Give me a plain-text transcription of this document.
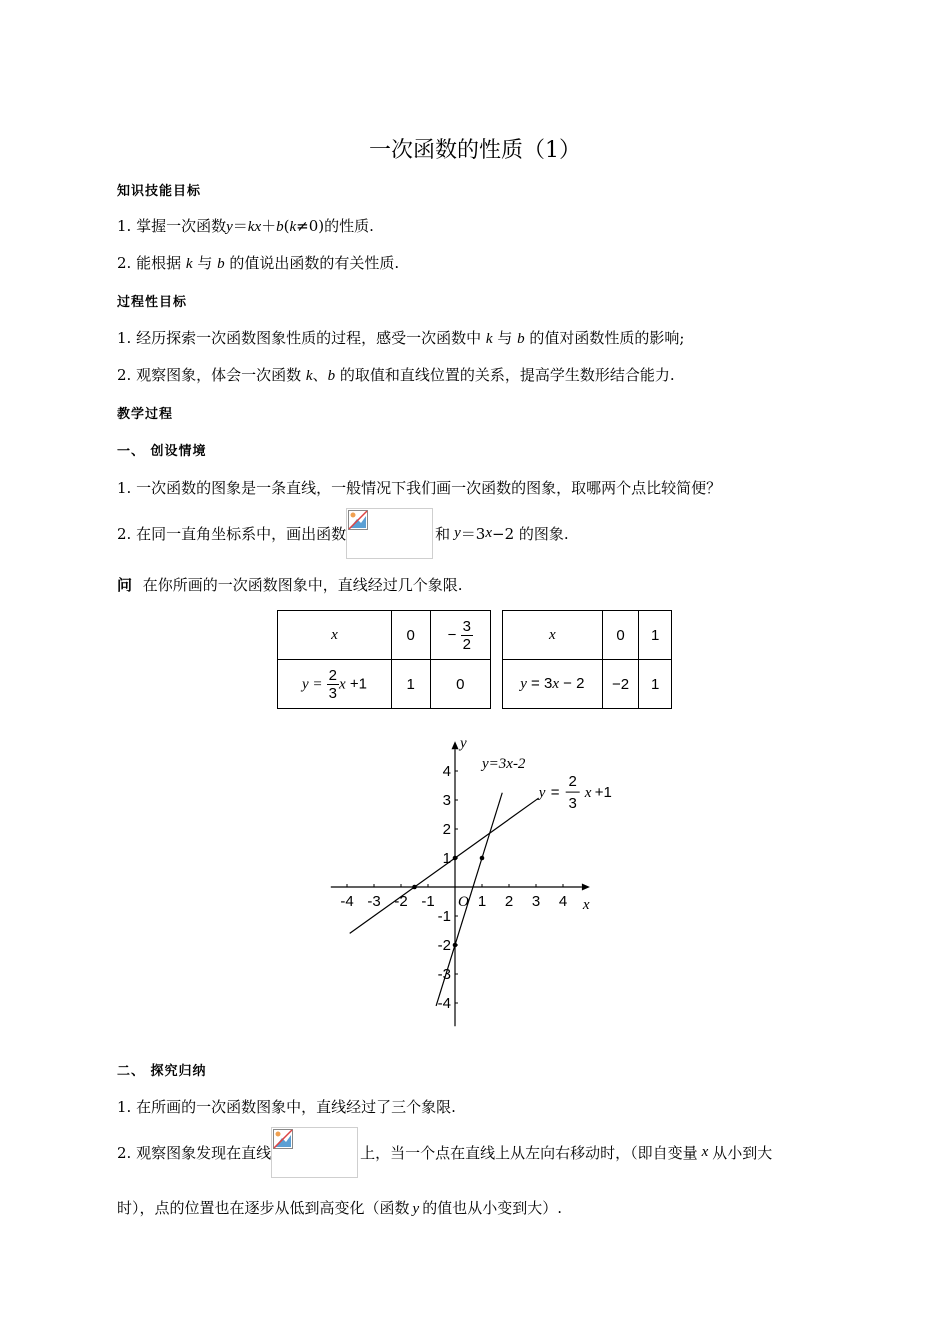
一次函数的性质（1）
知识技能目标
1. 掌握一次函数y＝kx＋b(k≠0)的性质.
2. 能根据 k 与 b 的值说出函数的有关性质.
过程性目标
1. 经历探索一次函数图象性质的过程，感受一次函数中 k 与 b 的值对函数性质的影响;
2. 观察图象，体会一次函数 k、b 的取值和直线位置的关系，提高学生数形结合能力.
教学过程
一、 创设情境
1. 一次函数的图象是一条直线，一般情况下我们画一次函数的图象，取哪两个点比较简便？
2. 在同一直角坐标系中，画出函数	和 y ＝3 x −2 的图象.
问 在你所画的一次函数图象中，直线经过几个象限.
x	0	− $\frac{3}{2}$

$y = \frac{2}{3}$ x +1	1	0
x	0	1
y = 3x − 2	−2	1
-4 -3 -2 -1	1 2 3 4
4
3
2
1
-1
-2
-3
-4
O	x
y
y=3x-2
y =
2
3
x +1
二、 探究归纳
1. 在所画的一次函数图象中，直线经过了三个象限.
2. 观察图象发现在直线	上，当一个点在直线上从左向右移动时，（即自变量 x 从小到大
时），点的位置也在逐步从低到高变化（函数 y 的值也从小变到大）.
